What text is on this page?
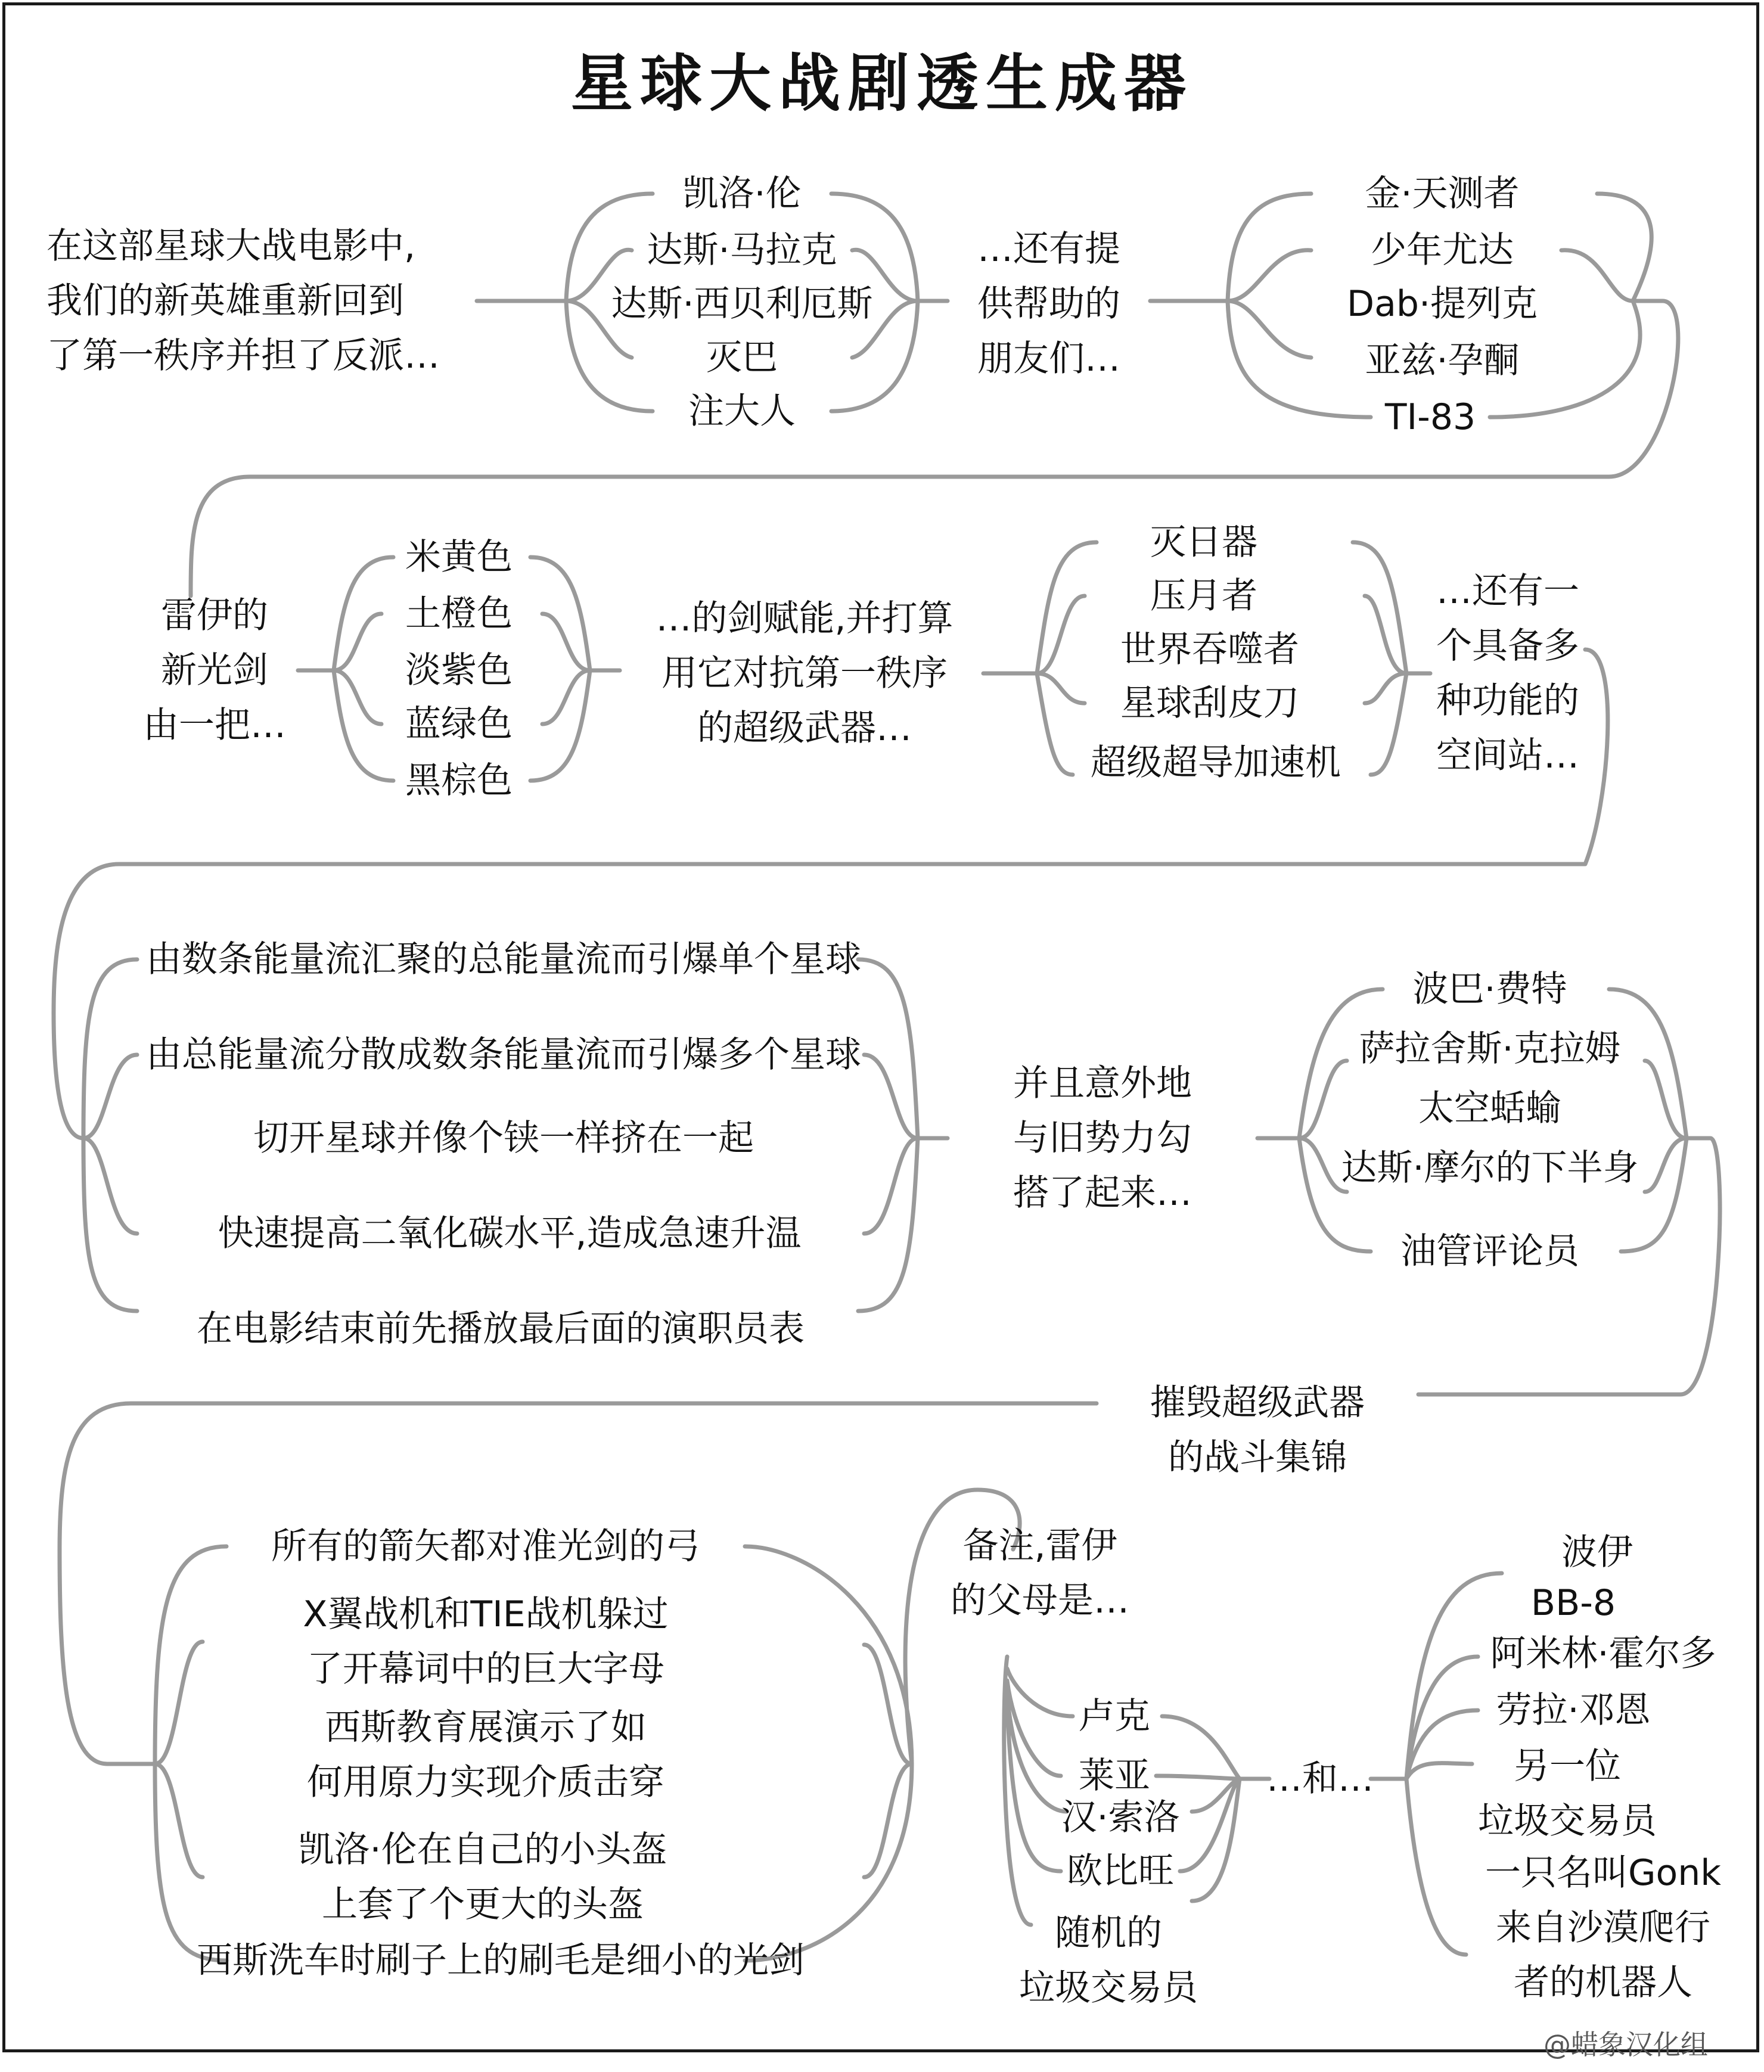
星球大战剧透生成器
在这部星球大战电影中,
我们的新英雄重新回到
了第一秩序并担了反派…
凯洛·伦
达斯·马拉克
达斯·西贝利厄斯
灭巴
注大人
…还有提
供帮助的
朋友们…
金·天测者
少年尤达
Dab·提列克
亚兹·孕酮
TI-83
雷伊的
新光剑
由一把…
米黄色
土橙色
淡紫色
蓝绿色
黑棕色
…的剑赋能,并打算
用它对抗第一秩序
的超级武器…
灭日器
压月者
世界吞噬者
星球刮皮刀
超级超导加速机
…还有一
个具备多
种功能的
空间站…
由数条能量流汇聚的总能量流而引爆单个星球
由总能量流分散成数条能量流而引爆多个星球
切开星球并像个铗一样挤在一起
快速提高二氧化碳水平,造成急速升温
在电影结束前先播放最后面的演职员表
并且意外地
与旧势力勾
搭了起来…
波巴·费特
萨拉舍斯·克拉姆
太空蛞蝓
达斯·摩尔的下半身
油管评论员
摧毁超级武器
的战斗集锦
所有的箭矢都对准光剑的弓
X翼战机和TIE战机躲过
了开幕词中的巨大字母
西斯教育展演示了如
何用原力实现介质击穿
凯洛·伦在自己的小头盔
上套了个更大的头盔
西斯洗车时刷子上的刷毛是细小的光剑
备注,雷伊
的父母是…
卢克
莱亚
汉·索洛
欧比旺
随机的
垃圾交易员
…和…
波伊
BB-8
阿米林·霍尔多
劳拉·邓恩
另一位
垃圾交易员
一只名叫Gonk
来自沙漠爬行
者的机器人
@蜡象汉化组
